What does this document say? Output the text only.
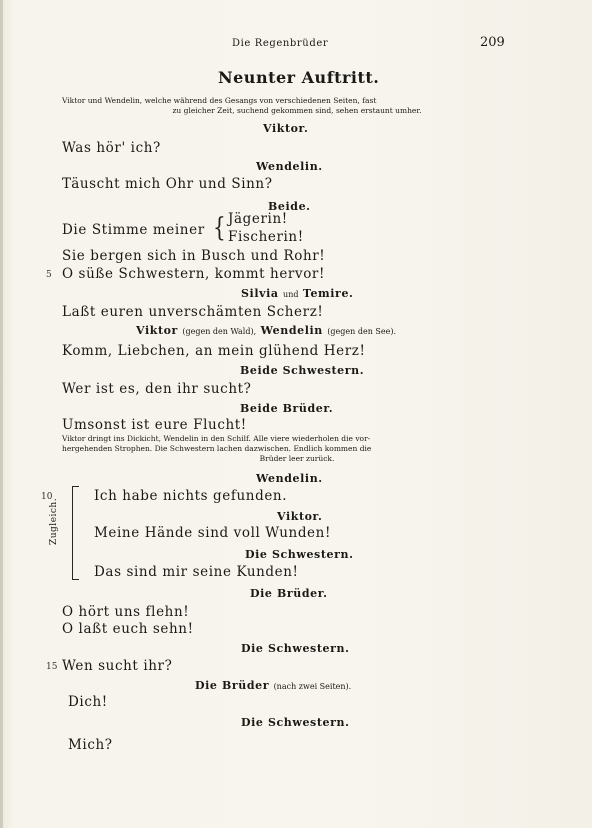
Die Regenbrüder	209
Neunter Auftritt.
Viktor und Wendelin, welche während des Gesangs von verschiedenen Seiten, fast
zu gleicher Zeit, suchend gekommen sind, sehen erstaunt umher.
Viktor.
Was hör' ich?
Wendelin.
Täuscht mich Ohr und Sinn?
Beide.
Die Stimme meiner { Jägerin!
Fischerin!
Sie bergen sich in Busch und Rohr!
5 O süße Schwestern, kommt hervor!
Silvia und Temire.
Laßt euren unverschämten Scherz!
Viktor (gegen den Wald), Wendelin (gegen den See).
Komm, Liebchen, an mein glühend Herz!
Beide Schwestern.
Wer ist es, den ihr sucht?
Beide Brüder.
Umsonst ist eure Flucht!
Viktor dringt ins Dickicht, Wendelin in den Schilf. Alle viere wiederholen die vor-
hergehenden Strophen. Die Schwestern lachen dazwischen. Endlich kommen die
Brüder leer zurück.
Wendelin.
10
Zugleich.
Ich habe nichts gefunden.
Viktor.
Meine Hände sind voll Wunden!
Die Schwestern.
Das sind mir seine Kunden!
Die Brüder.
O hört uns flehn!
O laßt euch sehn!
Die Schwestern.
15 Wen sucht ihr?
Die Brüder (nach zwei Seiten).
Dich!
Die Schwestern.
Mich?
